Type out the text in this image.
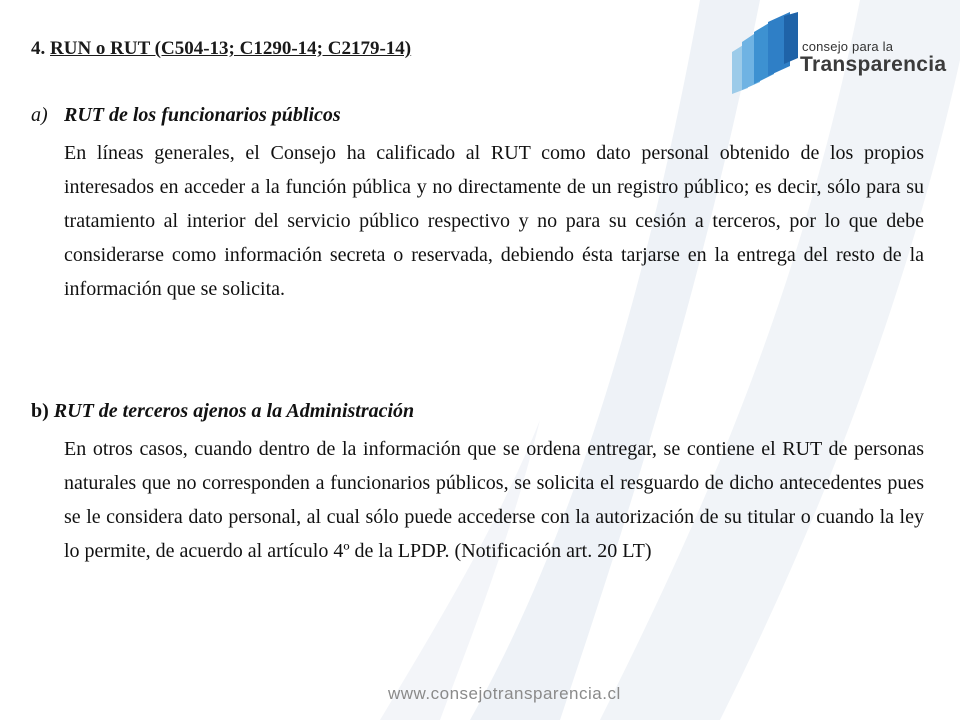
consejo para la
Transparencia
4. RUN o RUT (C504-13; C1290-14; C2179-14)
a) RUT de los funcionarios públicos
En líneas generales, el Consejo ha calificado al RUT como dato personal obtenido de los propios interesados en acceder a la función pública y no directamente de un registro público; es decir, sólo para su tratamiento al interior del servicio público respectivo y no para su cesión a terceros, por lo que debe considerarse como información secreta o reservada, debiendo ésta tarjarse en la entrega del resto de la información que se solicita.
b) RUT de terceros ajenos a la Administración
En otros casos, cuando dentro de la información que se ordena entregar, se contiene el RUT de personas naturales que no corresponden a funcionarios públicos, se solicita el resguardo de dicho antecedentes pues se le considera dato personal, al cual sólo puede accederse con la autorización de su titular o cuando la ley lo permite, de acuerdo al artículo 4º de la LPDP. (Notificación art. 20 LT)
www.consejotransparencia.cl
